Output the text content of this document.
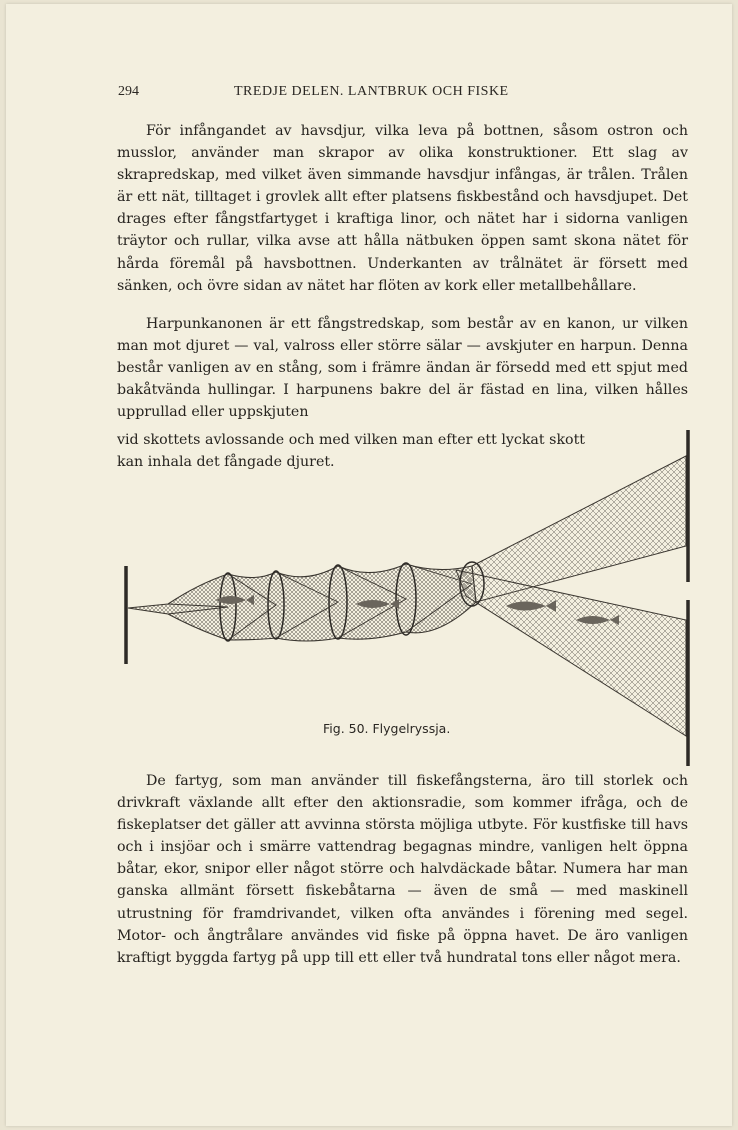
294	TREDJE DELEN. LANTBRUK OCH FISKE

För infångandet av havsdjur, vilka leva på bottnen, såsom ostron och musslor, använder man skrapor av olika konstruktioner. Ett slag av skrapredskap, med vilket även simmande havsdjur infångas, är trålen. Trålen är ett nät, tilltaget i grovlek allt efter platsens fiskbestånd och havsdjupet. Det drages efter fångstfartyget i kraftiga linor, och nätet har i sidorna vanligen träytor och rullar, vilka avse att hålla nätbuken öppen samt skona nätet för hårda föremål på havsbottnen. Underkanten av trålnätet är försett med sänken, och övre sidan av nätet har flöten av kork eller metallbehållare.

Harpunkanonen är ett fångstredskap, som består av en kanon, ur vilken man mot djuret — val, valross eller större sälar — avskjuter en harpun. Denna består vanligen av en stång, som i främre ändan är försedd med ett spjut med bakåtvända hullingar. I harpunens bakre del är fästad en lina, vilken hålles upprullad eller uppskjuten

vid skottets avlossande och med vilken man efter ett lyckat skott kan inhala det fångade djuret.

Fig. 50. Flygelryssja.

De fartyg, som man använder till fiskefångsterna, äro till storlek och drivkraft växlande allt efter den aktionsradie, som kommer ifråga, och de fiskeplatser det gäller att avvinna största möjliga utbyte. För kustfiske till havs och i insjöar och i smärre vattendrag begagnas mindre, vanligen helt öppna båtar, ekor, snipor eller något större och halvdäckade båtar. Numera har man ganska allmänt försett fiskebåtarna — även de små — med maskinell utrustning för framdrivandet, vilken ofta användes i förening med segel. Motor- och ångtrålare användes vid fiske på öppna havet. De äro vanligen kraftigt byggda fartyg på upp till ett eller två hundratal tons eller något mera.
